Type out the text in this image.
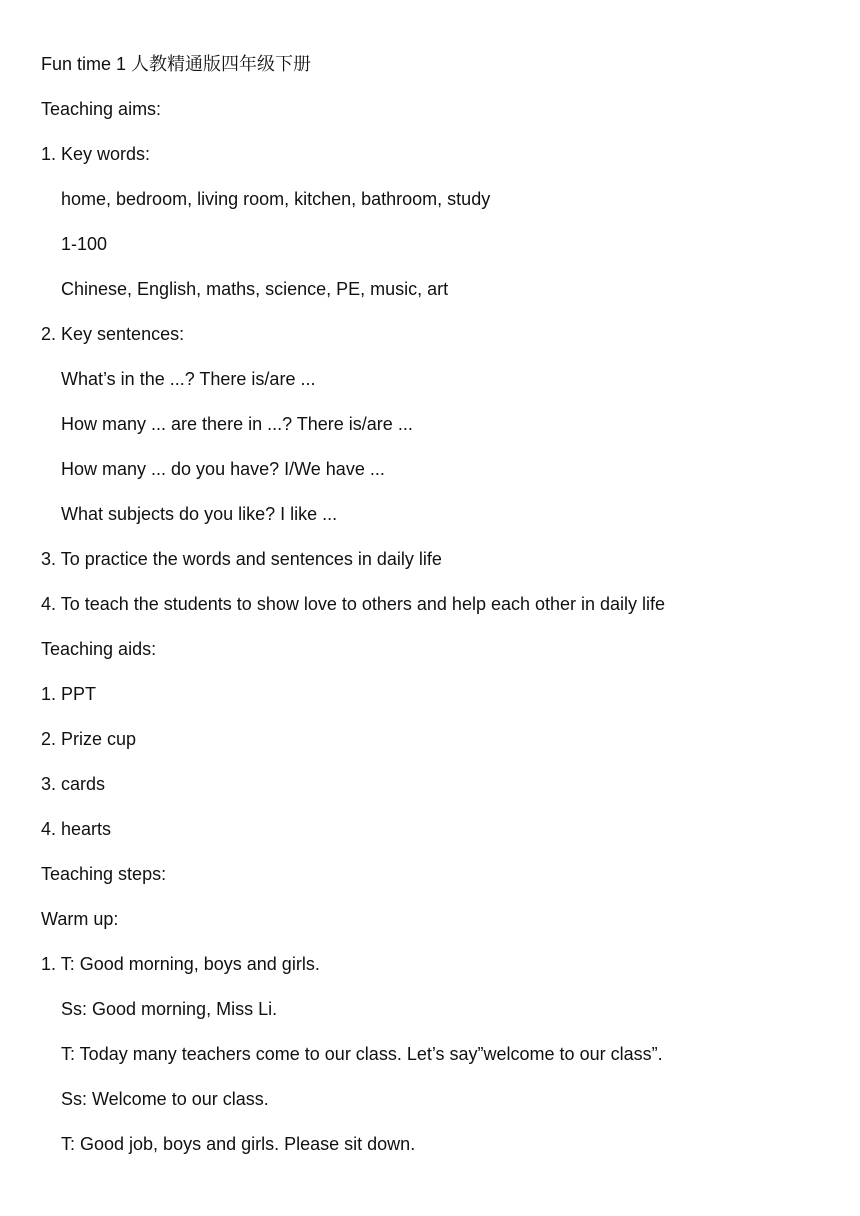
Fun time 1 人教精通版四年级下册

Teaching aims:

1. Key words:

home, bedroom, living room, kitchen, bathroom, study

1-100

Chinese, English, maths, science, PE, music, art

2. Key sentences:

What’s in the ...? There is/are ...

How many ... are there in ...? There is/are ...

How many ... do you have? I/We have ...

What subjects do you like? I like ...

3. To practice the words and sentences in daily life

4. To teach the students to show love to others and help each other in daily life

Teaching aids:

1. PPT

2. Prize cup

3. cards

4. hearts

Teaching steps:

Warm up:

1. T: Good morning, boys and girls.

Ss: Good morning, Miss Li.

T: Today many teachers come to our class. Let’s say”welcome to our class”.

Ss: Welcome to our class.

T: Good job, boys and girls. Please sit down.
